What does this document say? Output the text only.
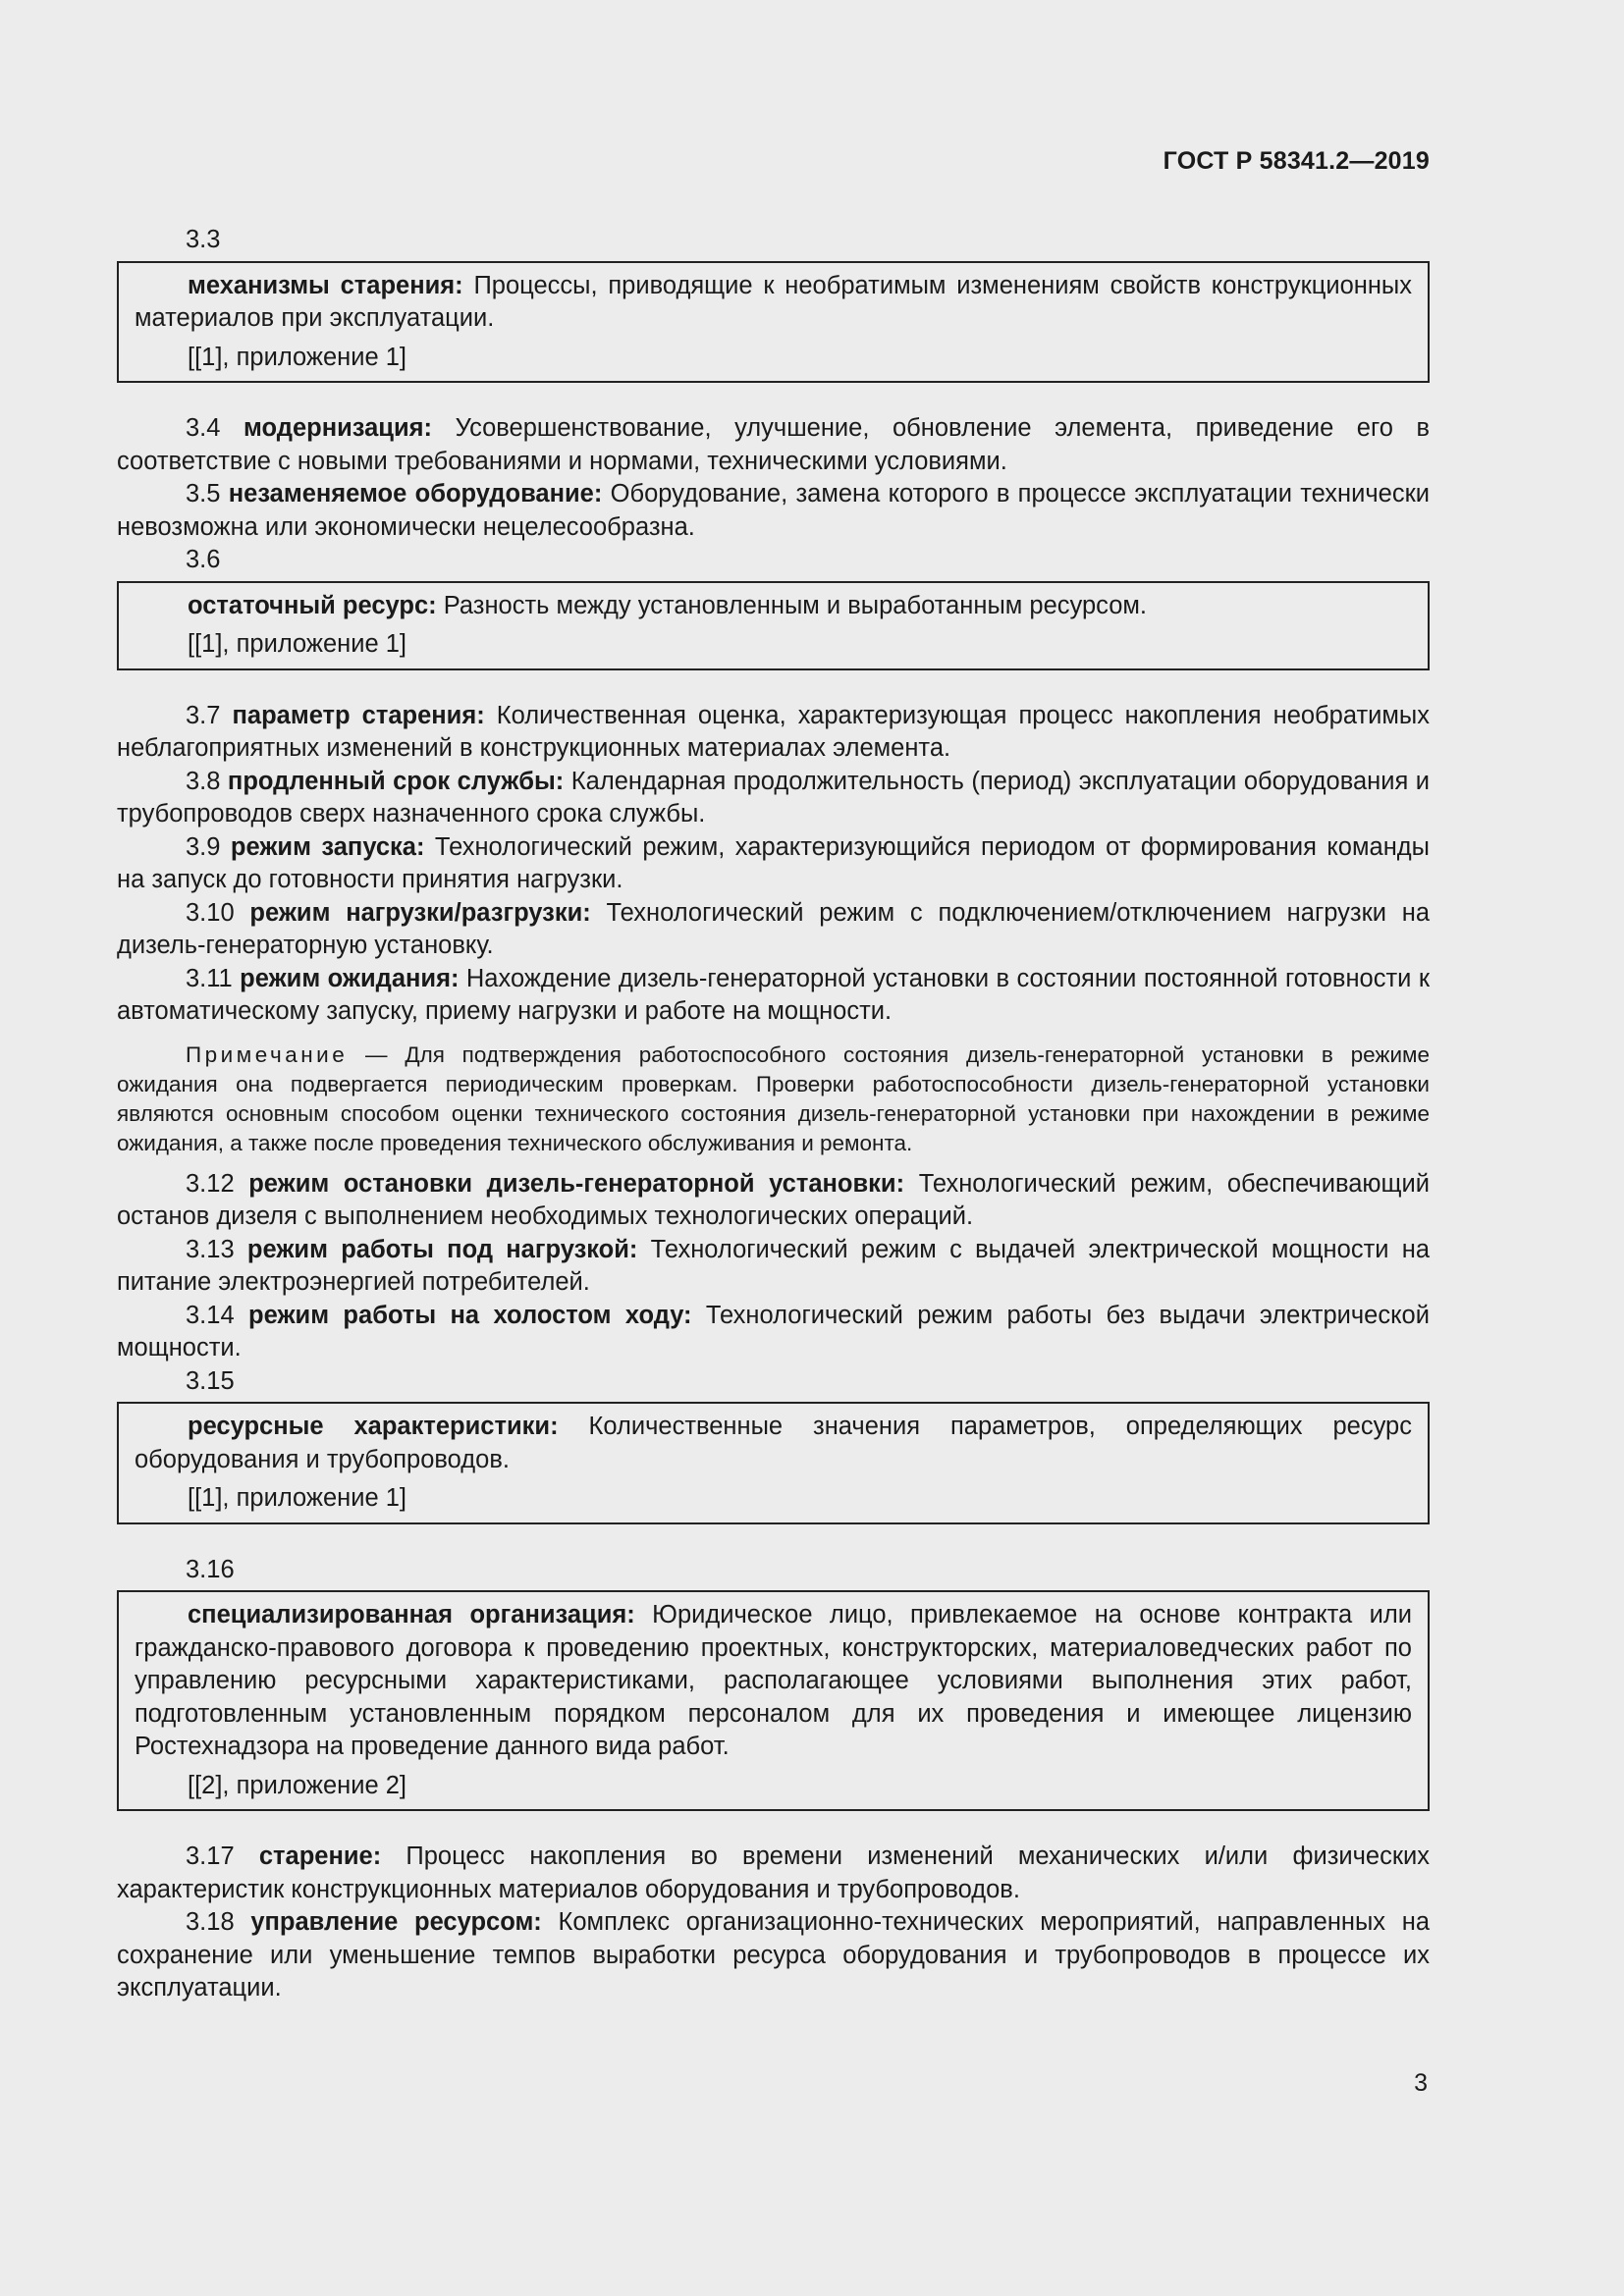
ГОСТ Р 58341.2—2019

3.3

механизмы старения: Процессы, приводящие к необратимым изменениям свойств конструкционных материалов при эксплуатации.

[[1], приложение 1]

3.4 модернизация: Усовершенствование, улучшение, обновление элемента, приведение его в соответствие с новыми требованиями и нормами, техническими условиями.

3.5 незаменяемое оборудование: Оборудование, замена которого в процессе эксплуатации технически невозможна или экономически нецелесообразна.

3.6

остаточный ресурс: Разность между установленным и выработанным ресурсом.

[[1], приложение 1]

3.7 параметр старения: Количественная оценка, характеризующая процесс накопления необратимых неблагоприятных изменений в конструкционных материалах элемента.

3.8 продленный срок службы: Календарная продолжительность (период) эксплуатации оборудования и трубопроводов сверх назначенного срока службы.

3.9 режим запуска: Технологический режим, характеризующийся периодом от формирования команды на запуск до готовности принятия нагрузки.

3.10 режим нагрузки/разгрузки: Технологический режим с подключением/отключением нагрузки на дизель-генераторную установку.

3.11 режим ожидания: Нахождение дизель-генераторной установки в состоянии постоянной готовности к автоматическому запуску, приему нагрузки и работе на мощности.

Примечание — Для подтверждения работоспособного состояния дизель-генераторной установки в режиме ожидания она подвергается периодическим проверкам. Проверки работоспособности дизель-генераторной установки являются основным способом оценки технического состояния дизель-генераторной установки при нахождении в режиме ожидания, а также после проведения технического обслуживания и ремонта.

3.12 режим остановки дизель-генераторной установки: Технологический режим, обеспечивающий останов дизеля с выполнением необходимых технологических операций.

3.13 режим работы под нагрузкой: Технологический режим с выдачей электрической мощности на питание электроэнергией потребителей.

3.14 режим работы на холостом ходу: Технологический режим работы без выдачи электрической мощности.

3.15

ресурсные характеристики: Количественные значения параметров, определяющих ресурс оборудования и трубопроводов.

[[1], приложение 1]

3.16

специализированная организация: Юридическое лицо, привлекаемое на основе контракта или гражданско-правового договора к проведению проектных, конструкторских, материаловедческих работ по управлению ресурсными характеристиками, располагающее условиями выполнения этих работ, подготовленным установленным порядком персоналом для их проведения и имеющее лицензию Ростехнадзора на проведение данного вида работ.

[[2], приложение 2]

3.17 старение: Процесс накопления во времени изменений механических и/или физических характеристик конструкционных материалов оборудования и трубопроводов.

3.18 управление ресурсом: Комплекс организационно-технических мероприятий, направленных на сохранение или уменьшение темпов выработки ресурса оборудования и трубопроводов в процессе их эксплуатации.

3
